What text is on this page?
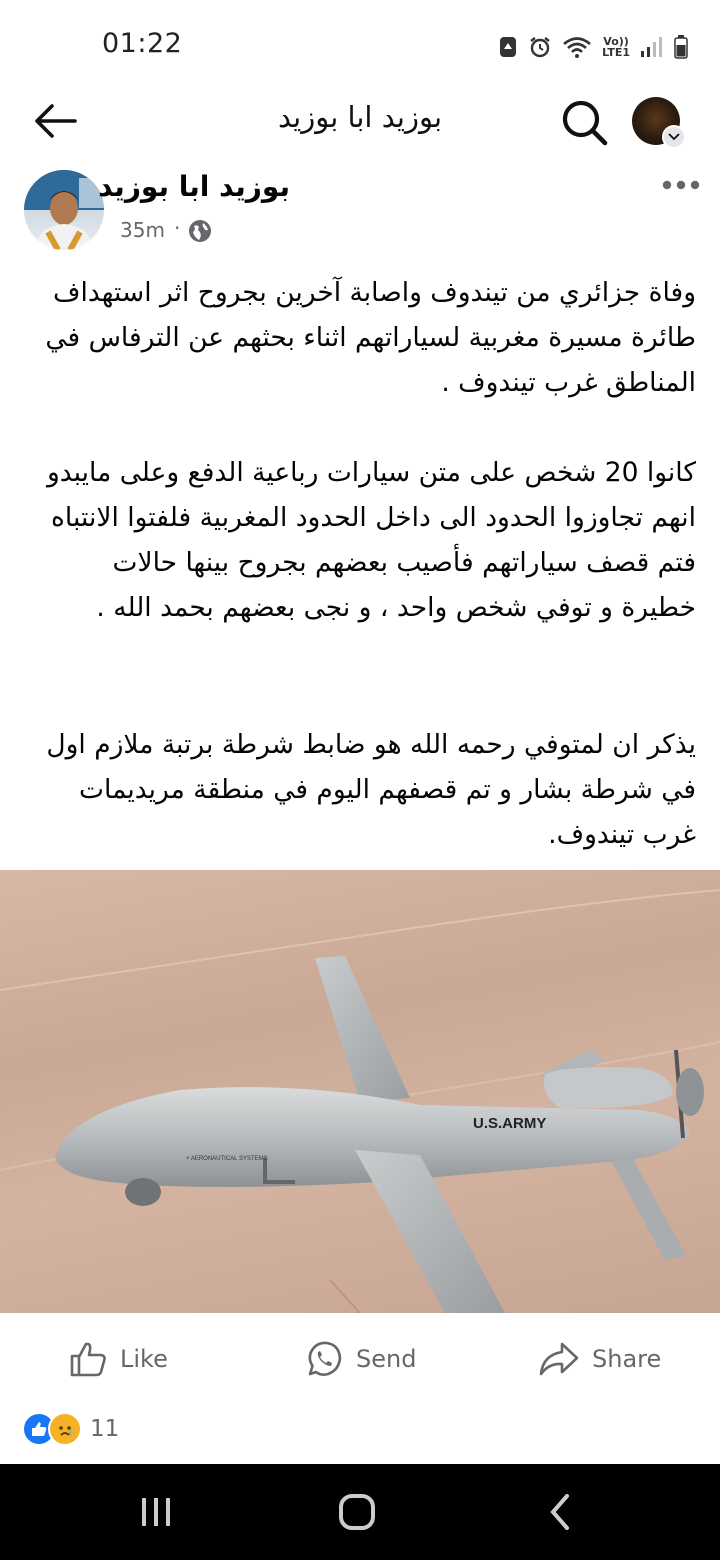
01:22	Vo))
LTE1
بوزيد ابا بوزيد
بوزيد ابا بوزيد
35m ·

وفاة جزائري من تيندوف واصابة آخرين بجروح اثر استهداف طائرة مسيرة مغربية لسياراتهم اثناء بحثهم عن الترفاس في المناطق غرب تيندوف .

كانوا 20 شخص على متن سيارات رباعية الدفع وعلى مايبدو انهم تجاوزوا الحدود الى داخل الحدود المغربية فلفتوا الانتباه فتم قصف سياراتهم فأصيب بعضهم بجروح بينها حالات خطيرة و توفي شخص واحد ، و نجى بعضهم بحمد الله .

يذكر ان لمتوفي رحمه الله هو ضابط شرطة برتبة ملازم اول في شرطة بشار و تم قصفهم اليوم في منطقة مريديمات غرب تيندوف.

U.S.ARMY
+ AERONAUTICAL SYSTEMS
Like	Send	Share
11
